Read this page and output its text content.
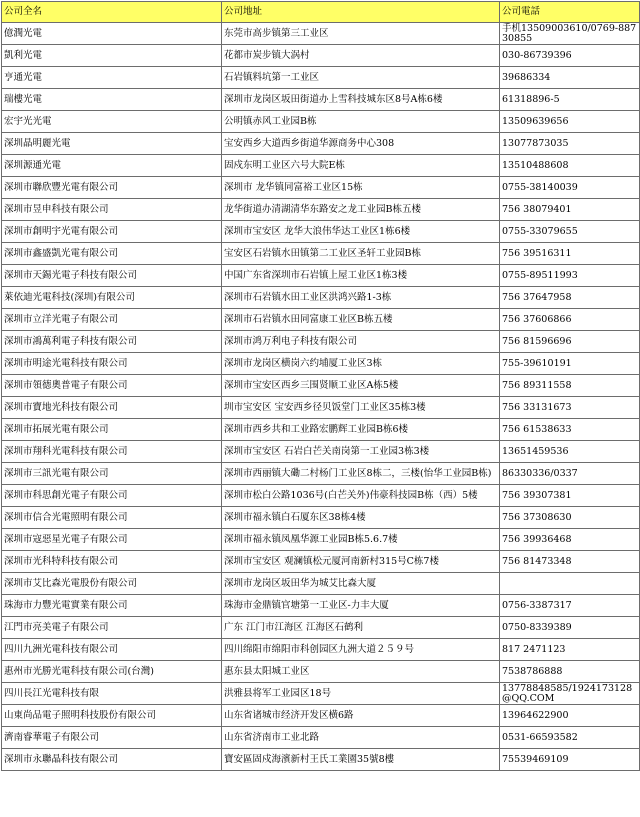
公司全名	公司地址	公司電話
億潤光電	东莞市高步镇第三工业区	手机13509003610/0769-88730855
凱利光電	花都市炭步镇大涡村	030-86739396
亨通光電	石岩镇料坑第一工业区	39686334
瑞樓光電	深圳市龙岗区坂田街道办上雪科技城东区8号A栋6楼	61318896-5
宏宇光光電	公明镇赤风工业园B栋	13509639656
深圳晶明麗光電	宝安西乡大道西乡街道华源商务中心308	13077873035
深圳源通光電	固戍东明工业区六号大院E栋	13510488608
深圳市聯欣豐光電有限公司	深圳市 龙华镇同富裕工业区15栋	0755-38140039
深圳市昱申科技有限公司	龙华街道办清湖清华东路安之龙工业园B栋五楼	756 38079401
深圳市創明宇光電有限公司	深圳市宝安区 龙华大浪伟华达工业区1栋6楼	0755-33079655
深圳市鑫盛凱光電有限公司	宝安区石岩镇水田镇第二工业区圣轩工业园B栋	756 39516311
深圳市天錫光電子科技有限公司	中国广东省深圳市石岩镇上屋工业区1栋3楼	0755-89511993
萊依迪光電科技(深圳)有限公司	深圳市石岩镇水田工业区洪鸿兴路1-3栋	756 37647958
深圳市立洋光電子有限公司	深圳市石岩镇水田同富康工业区B栋五楼	756 37606866
深圳市鴻萬利電子科技有限公司	深圳市鸿万利电子科技有限公司	756 81596696
深圳市明途光電科技有限公司	深圳市龙岗区横岗六约埔厦工业区3栋	755-39610191
深圳市領德奧普電子有限公司	深圳市宝安区西乡三围贤顺工业区A栋5楼	756 89311558
深圳市寶地光科技有限公司	圳市宝安区 宝安西乡径贝饭堂门工业区35栋3楼	756 33131673
深圳市拓展光電有限公司	深圳市西乡共和工业路宏鹏辉工业园B栋6楼	756 61538633
深圳市翔科光電科技有限公司	深圳市宝安区 石岩白芒关南岗第一工业园3栋3楼	13651459536
深圳市三訊光電有限公司	深圳市西丽镇大磡二村杨门工业区8栋二，三楼(怡华工业园B栋)	86330336/0337
深圳市科思創光電子有限公司	深圳市松白公路1036号(白芒关外)伟豪科技园B栋（西）5楼	756 39307381
深圳市信合光電照明有限公司	深圳市福永镇白石厦东区38栋4楼	756 37308630
深圳市寇惡星光電子有限公司	深圳市福永镇凤凰华源工业园B栋5.6.7楼	756 39936468
深圳市光科特科技有限公司	深圳市宝安区 观澜镇松元厦河南新村315号C栋7楼	756 81473348
深圳市艾比森光電股份有限公司	深圳市龙岗区坂田华为城艾比森大厦	
珠海市力豐光電實業有限公司	珠海市金鼎镇官塘第一工业区-力丰大厦	0756-3387317
江門市亮美電子有限公司	广东 江门市江海区 江海区石鹤利	0750-8339389
四川九洲光電科技有限公司	四川绵阳市绵阳市科创园区九洲大道２５９号	817 2471123
惠州市光勝光電科技有限公司(台灣)	惠东县太阳城工业区	7538786888
四川長江光電科技有限	洪雅县将军工业园区18号	13778848585/1924173128@QQ.COM
山東尚品電子照明科技股份有限公司	山东省诸城市经济开发区横6路	13964622900
濟南睿華電子有限公司	山东省济南市工业北路	0531-66593582
深圳市永聯晶科技有限公司	寶安區固戍海濱新村王氏工業園35號8樓	75539469109
